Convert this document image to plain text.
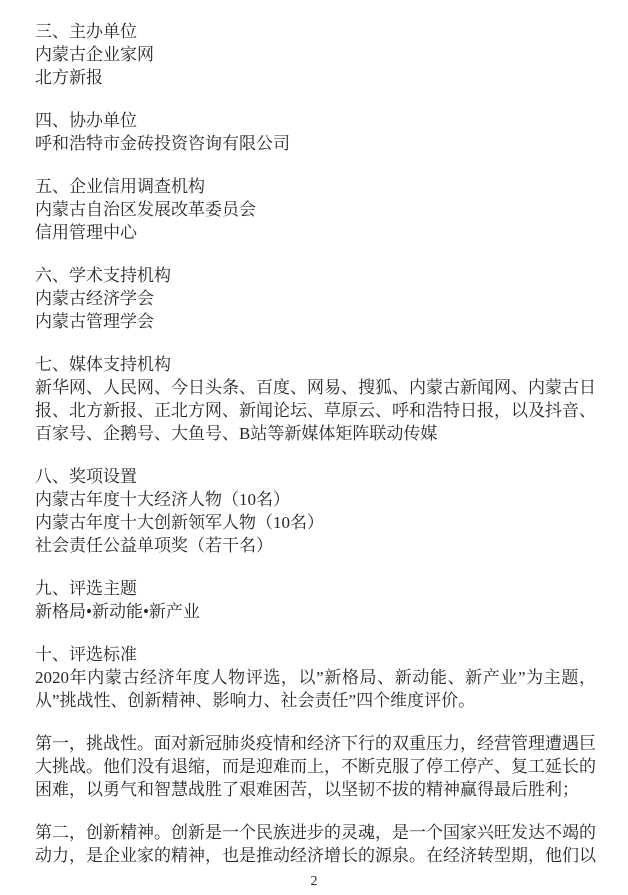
三、主办单位

内蒙古企业家网

北方新报

四、协办单位

呼和浩特市金砖投资咨询有限公司

五、企业信用调查机构

内蒙古自治区发展改革委员会

信用管理中心

六、学术支持机构

内蒙古经济学会

内蒙古管理学会

七、媒体支持机构

新华网、人民网、今日头条、百度、网易、搜狐、内蒙古新闻网、内蒙古日报、北方新报、正北方网、新闻论坛、草原云、呼和浩特日报，以及抖音、百家号、企鹅号、大鱼号、B站等新媒体矩阵联动传媒

八、奖项设置

内蒙古年度十大经济人物（10名）

内蒙古年度十大创新领军人物（10名）

社会责任公益单项奖（若干名）

九、评选主题

新格局•新动能•新产业

十、评选标准

2020年内蒙古经济年度人物评选，以”新格局、新动能、新产业”为主题，从”挑战性、创新精神、影响力、社会责任”四个维度评价。

第一，挑战性。面对新冠肺炎疫情和经济下行的双重压力，经营管理遭遇巨大挑战。他们没有退缩，而是迎难而上，不断克服了停工停产、复工延长的困难，以勇气和智慧战胜了艰难困苦，以坚韧不拔的精神赢得最后胜利；

第二，创新精神。创新是一个民族进步的灵魂，是一个国家兴旺发达不竭的动力，是企业家的精神，也是推动经济增长的源泉。在经济转型期，他们以

2
